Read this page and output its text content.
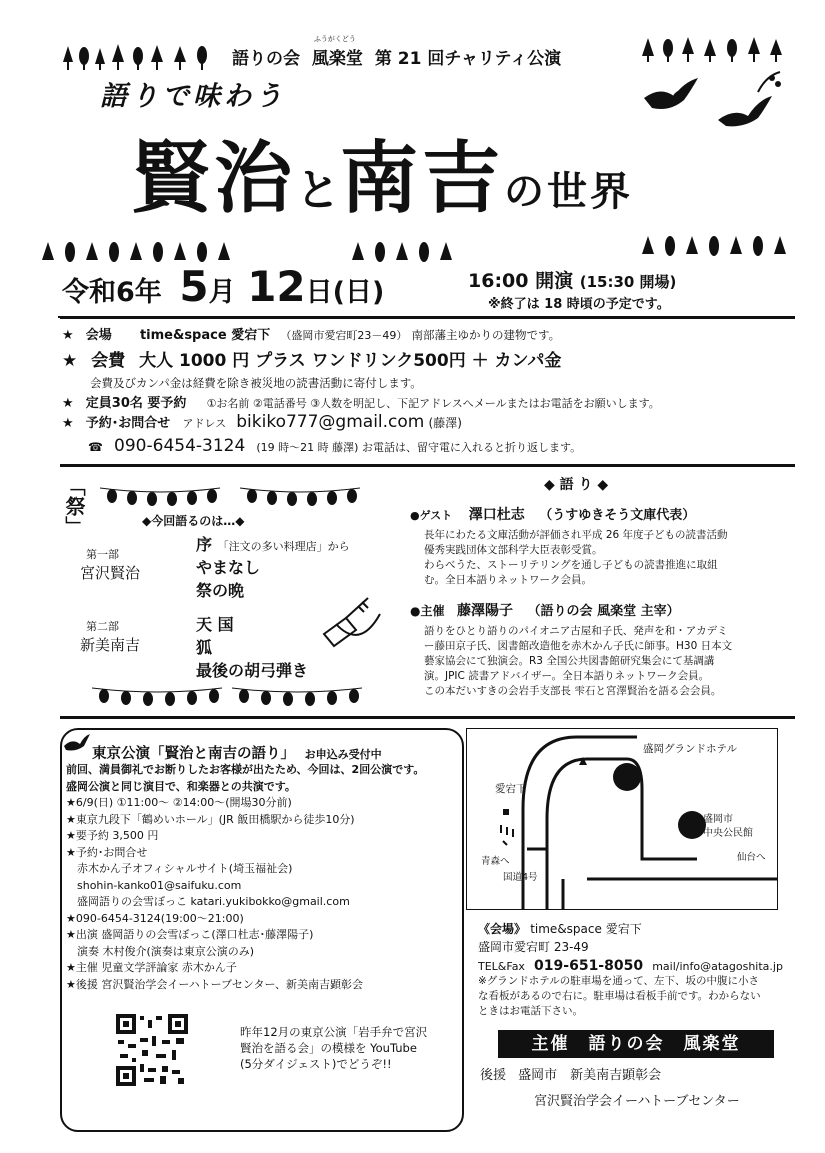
語りの会
ふうがくどう
風楽堂 第 21 回チャリティ公演
語りで味わう
賢治と南吉の世界
令和6年 5月 12日(日)	16:00 開演 (15:30 開場)
※終了は 18 時頃の予定です。
★ 会場 time&space 愛宕下 （盛岡市愛宕町23－49） 南部藩主ゆかりの建物です。
★ 会費 大人 1000 円 プラス ワンドリンク500円 ＋ カンパ金
会費及びカンパ金は経費を除き被災地の読書活動に寄付します。
★ 定員30名 要予約 ①お名前 ②電話番号 ③人数を明記し、下記アドレスへメールまたはお電話をお願いします。
★ 予約･お問合せ アドレス bikiko777@gmail.com (藤澤)
☎ 090-6454-3124 (19 時～21 時 藤澤) お電話は、留守電に入れると折り返します。
「祭」	◆今回語るのは…◆
第一部
宮沢賢治
序 「注文の多い料理店」から
やまなし
祭の晩
第二部
新美南吉
天 国
狐
最後の胡弓弾き
◆ 語 り ◆
●ゲスト 澤口杜志 （うすゆきそう文庫代表）
長年にわたる文庫活動が評価され平成 26 年度子どもの読書活動
優秀実践団体文部科学大臣表彰受賞。
わらべうた、ストーリテリングを通し子どもの読書推進に取組
む。全日本語りネットワーク会員。
●主催 藤澤陽子 （語りの会 風楽堂 主宰）
語りをひとり語りのパイオニア古屋和子氏、発声を和・アカデミ
ー藤田京子氏、図書館改造他を赤木かん子氏に師事。H30 日本文
藝家協会にて独演会。R3 全国公共図書館研究集会にて基調講
演。JPIC 読書アドバイザー。全日本語りネットワーク会員。
この本だいすきの会岩手支部長 雫石と宮澤賢治を語る会会員。
東京公演「賢治と南吉の語り」 お申込み受付中
前回、満員御礼でお断りしたお客様が出たため、今回は、2回公演です。
盛岡公演と同じ演目で、和楽器との共演です。
★6/9(日) ①11:00～ ②14:00～(開場30分前)
★東京九段下「鶴めいホール」(JR 飯田橋駅から徒歩10分)
★要予約 3,500 円
★予約･お問合せ
　赤木かん子オフィシャルサイト(埼玉福祉会)
　shohin-kanko01@saifuku.com
　盛岡語りの会雪ぼっこ katari.yukibokko@gmail.com
★090-6454-3124(19:00～21:00)
★出演 盛岡語りの会雪ぼっこ(澤口杜志･藤澤陽子)
　演奏 木村俊介(演奏は東京公演のみ)
★主催 児童文学評論家 赤木かん子
★後援 宮沢賢治学会イーハトーブセンター、新美南吉顕彰会
昨年12月の東京公演「岩手弁で宮沢
賢治を語る会」の模様を YouTube
(5分ダイジェスト)でどうぞ!!
盛岡グランドホテル
愛宕下
盛岡市
中央公民館
青森へ
国道4号
仙台へ
《会場》 time&space 愛宕下
盛岡市愛宕町 23-49
TEL&Fax 019-651-8050 mail/info@atagoshita.jp
※グランドホテルの駐車場を通って、左下、坂の中腹に小さ
な看板があるので右に。駐車場は看板手前です。わからない
ときはお電話下さい。
主催　語りの会　風楽堂
後援 盛岡市　新美南吉顕彰会
宮沢賢治学会イーハトーブセンター
